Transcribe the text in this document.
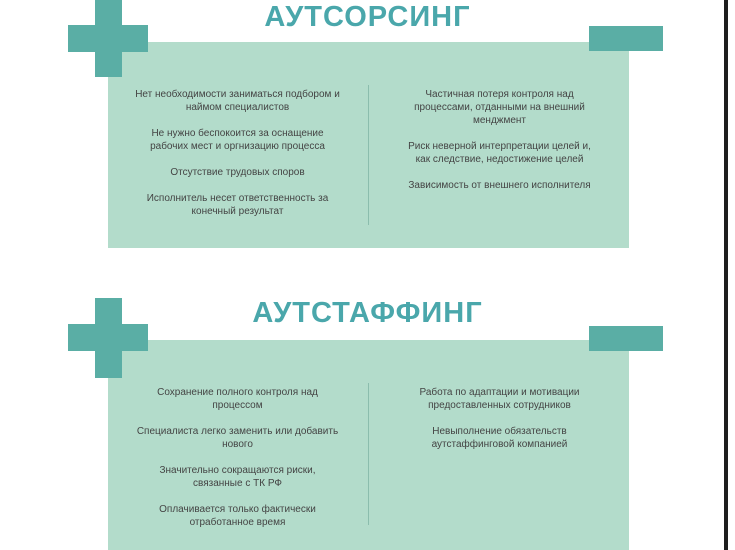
АУТСОРСИНГ

Нет необходимости заниматься подбором и наймом специалистов

Не нужно беспокоится за оснащение рабочих мест и оргнизацию процесса

Отсутствие трудовых споров

Исполнитель несет ответственность за конечный результат

Частичная потеря контроля над процессами, отданными на внешний менджмент

Риск неверной интерпретации целей и, как следствие, недостижение целей

Зависимость от внешнего исполнителя

АУТСТАФФИНГ

Сохранение полного контроля над процессом

Специалиста легко заменить или добавить нового

Значительно сокращаются риски, связанные с ТК РФ

Оплачивается только фактически отработанное время

Работа по адаптации и мотивации предоставленных сотрудников

Невыполнение обязательств аутстаффинговой компанией
